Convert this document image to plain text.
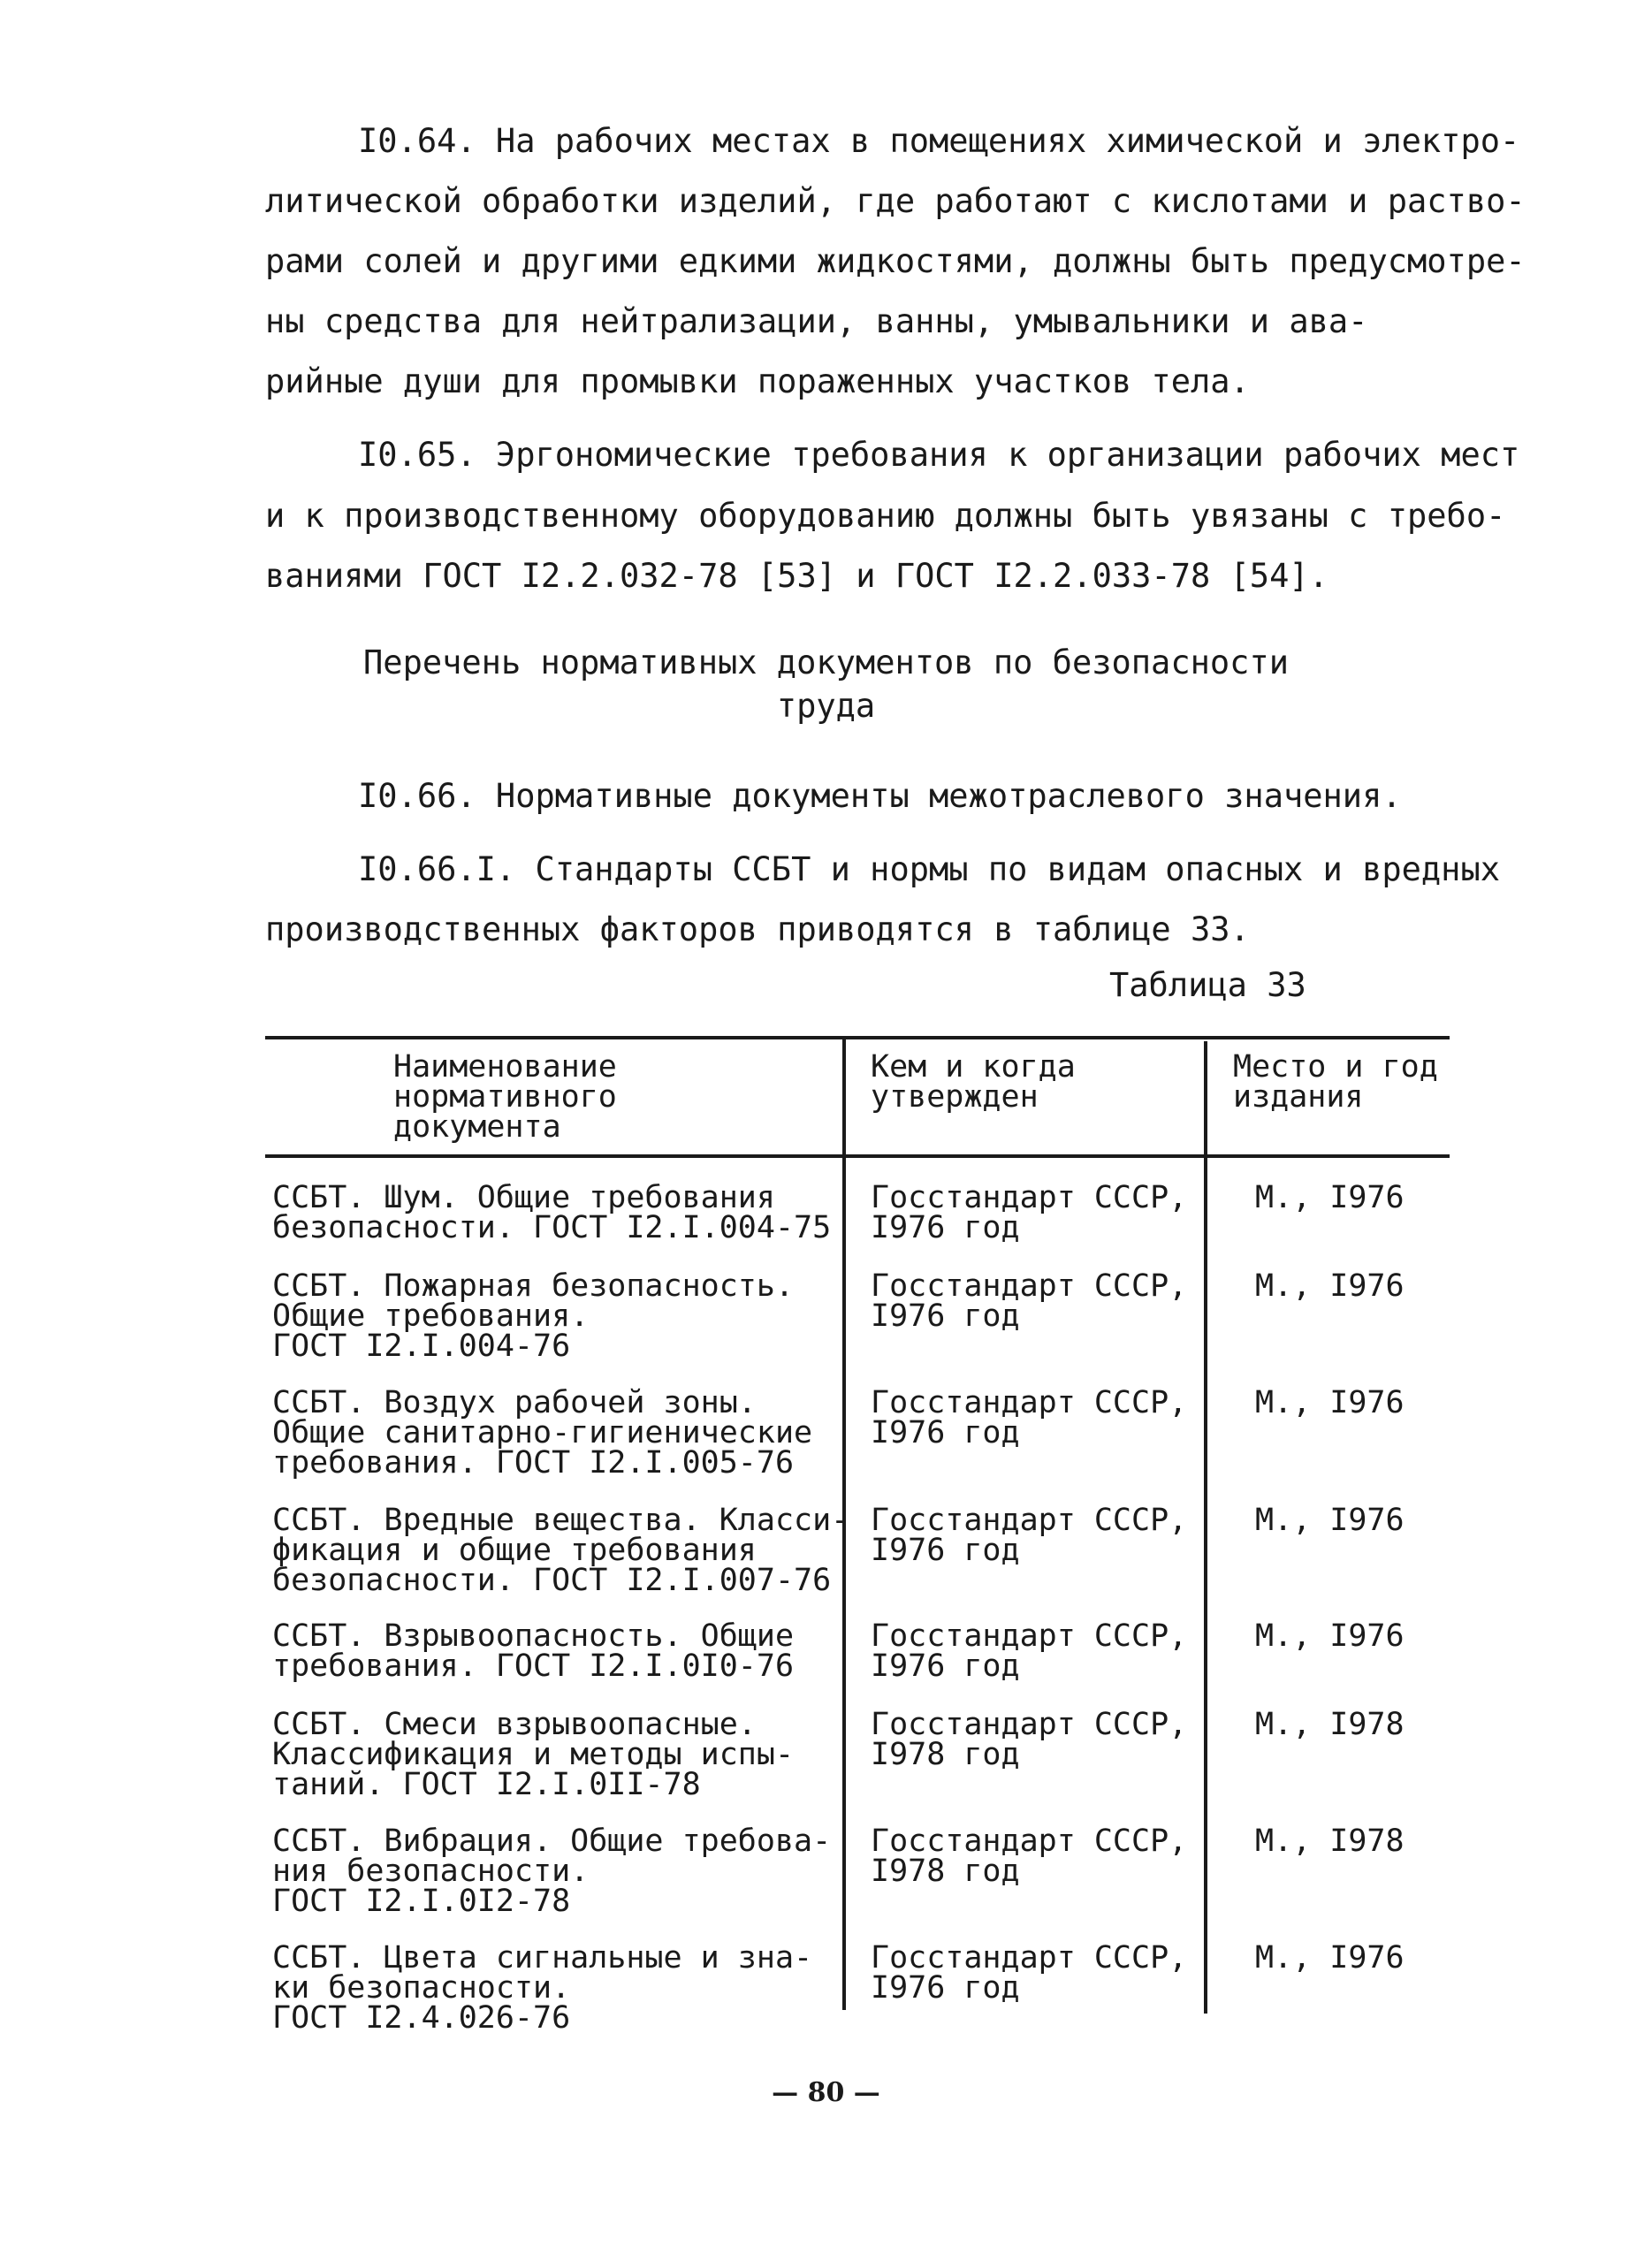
I0.64. На рабочих местах в помещениях химической и электро-
литической обработки изделий, где работают с кислотами и раство-
рами солей и другими едкими жидкостями, должны быть предусмотре-
ны средства для нейтрализации, ванны, умывальники и ава-
рийные души для промывки пораженных участков тела.
I0.65. Эргономические требования к организации рабочих мест
и к производственному оборудованию должны быть увязаны с требо-
ваниями ГОСТ I2.2.032-78 [53] и ГОСТ I2.2.033-78 [54].
Перечень нормативных документов по безопасности
труда
I0.66. Нормативные документы межотраслевого значения.
I0.66.I. Стандарты ССБТ и нормы по видам опасных и вредных
производственных факторов приводятся в таблице 33.
Таблица 33
Наименование
нормативного
документа
Кем и когда
утвержден
Место и год
издания
ССБТ. Шум. Общие требования
безопасности. ГОСТ I2.I.004-75
Госстандарт СССР,
I976 год
М., I976
ССБТ. Пожарная безопасность.
Общие требования.
ГОСТ I2.I.004-76
Госстандарт СССР,
I976 год
М., I976
ССБТ. Воздух рабочей зоны.
Общие санитарно-гигиенические
требования. ГОСТ I2.I.005-76
Госстандарт СССР,
I976 год
М., I976
ССБТ. Вредные вещества. Класси-
фикация и общие требования
безопасности. ГОСТ I2.I.007-76
Госстандарт СССР,
I976 год
М., I976
ССБТ. Взрывоопасность. Общие
требования. ГОСТ I2.I.0I0-76
Госстандарт СССР,
I976 год
М., I976
ССБТ. Смеси взрывоопасные.
Классификация и методы испы-
таний. ГОСТ I2.I.0II-78
Госстандарт СССР,
I978 год
М., I978
ССБТ. Вибрация. Общие требова-
ния безопасности.
ГОСТ I2.I.0I2-78
Госстандарт СССР,
I978 год
М., I978
ССБТ. Цвета сигнальные и зна-
ки безопасности.
ГОСТ I2.4.026-76
Госстандарт СССР,
I976 год
М., I976
— 80 —
